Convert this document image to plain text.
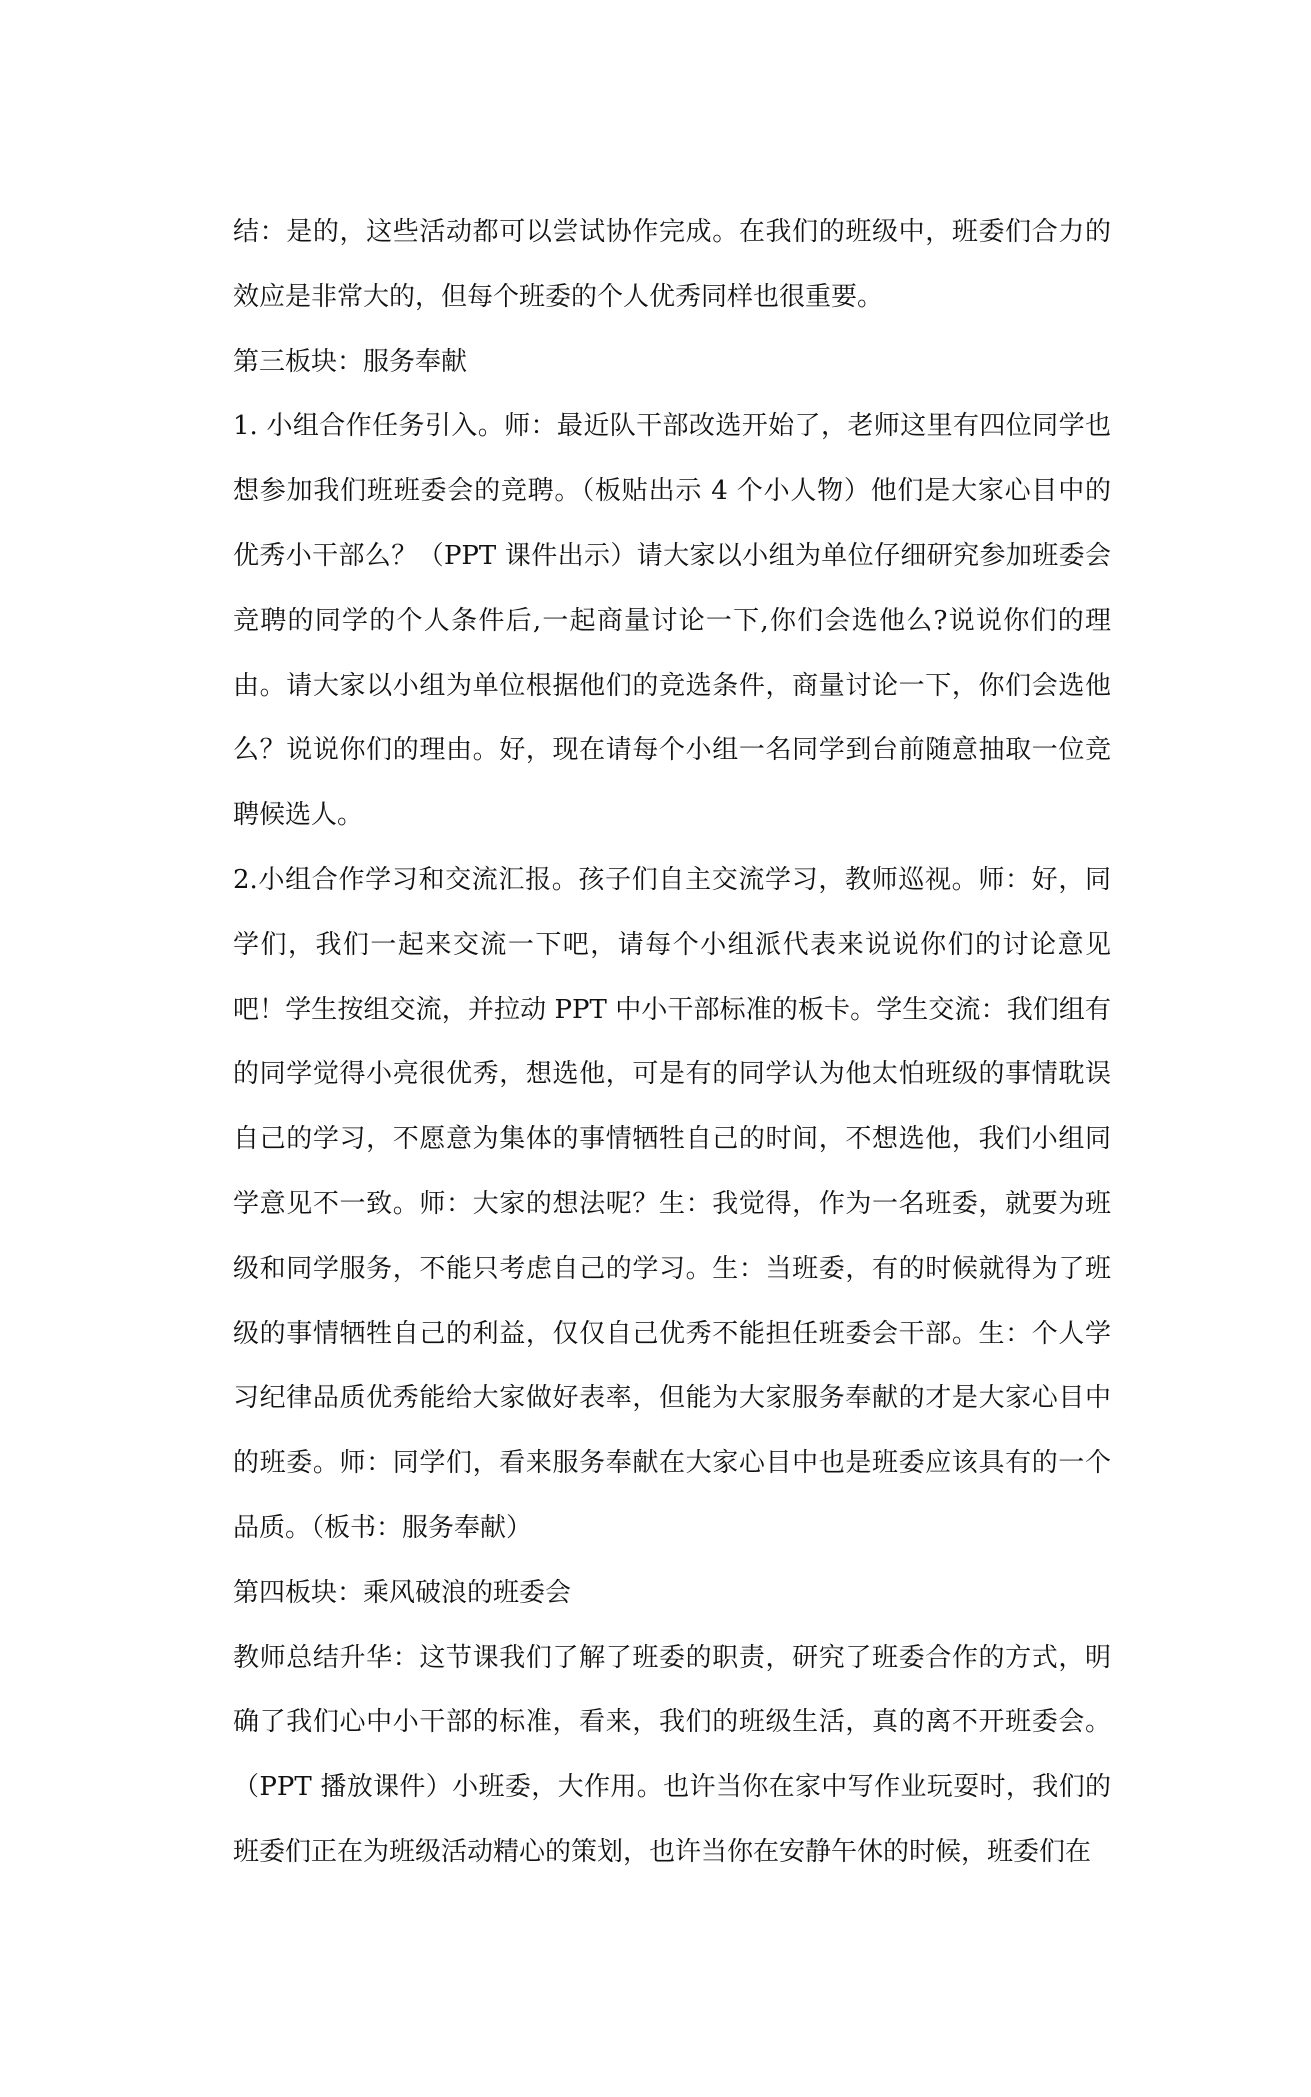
结：是的，这些活动都可以尝试协作完成。在我们的班级中，班委们合力的效应是非常大的，但每个班委的个人优秀同样也很重要。

第三板块：服务奉献

1. 小组合作任务引入。师：最近队干部改选开始了，老师这里有四位同学也想参加我们班班委会的竞聘。（板贴出示 4 个小人物）他们是大家心目中的优秀小干部么？（PPT 课件出示）请大家以小组为单位仔细研究参加班委会竞聘的同学的个人条件后,一起商量讨论一下,你们会选他么?说说你们的理由。请大家以小组为单位根据他们的竞选条件，商量讨论一下，你们会选他么？说说你们的理由。好，现在请每个小组一名同学到台前随意抽取一位竞聘候选人。

2.小组合作学习和交流汇报。孩子们自主交流学习，教师巡视。师：好，同学们，我们一起来交流一下吧，请每个小组派代表来说说你们的讨论意见吧！学生按组交流，并拉动 PPT 中小干部标准的板卡。学生交流：我们组有的同学觉得小亮很优秀，想选他，可是有的同学认为他太怕班级的事情耽误自己的学习，不愿意为集体的事情牺牲自己的时间，不想选他，我们小组同学意见不一致。师：大家的想法呢？生：我觉得，作为一名班委，就要为班级和同学服务，不能只考虑自己的学习。生：当班委，有的时候就得为了班级的事情牺牲自己的利益，仅仅自己优秀不能担任班委会干部。生：个人学习纪律品质优秀能给大家做好表率，但能为大家服务奉献的才是大家心目中的班委。师：同学们，看来服务奉献在大家心目中也是班委应该具有的一个品质。（板书：服务奉献）

第四板块：乘风破浪的班委会

教师总结升华：这节课我们了解了班委的职责，研究了班委合作的方式，明确了我们心中小干部的标准，看来，我们的班级生活，真的离不开班委会。（PPT 播放课件）小班委，大作用。也许当你在家中写作业玩耍时，我们的班委们正在为班级活动精心的策划，也许当你在安静午休的时候，班委们在
